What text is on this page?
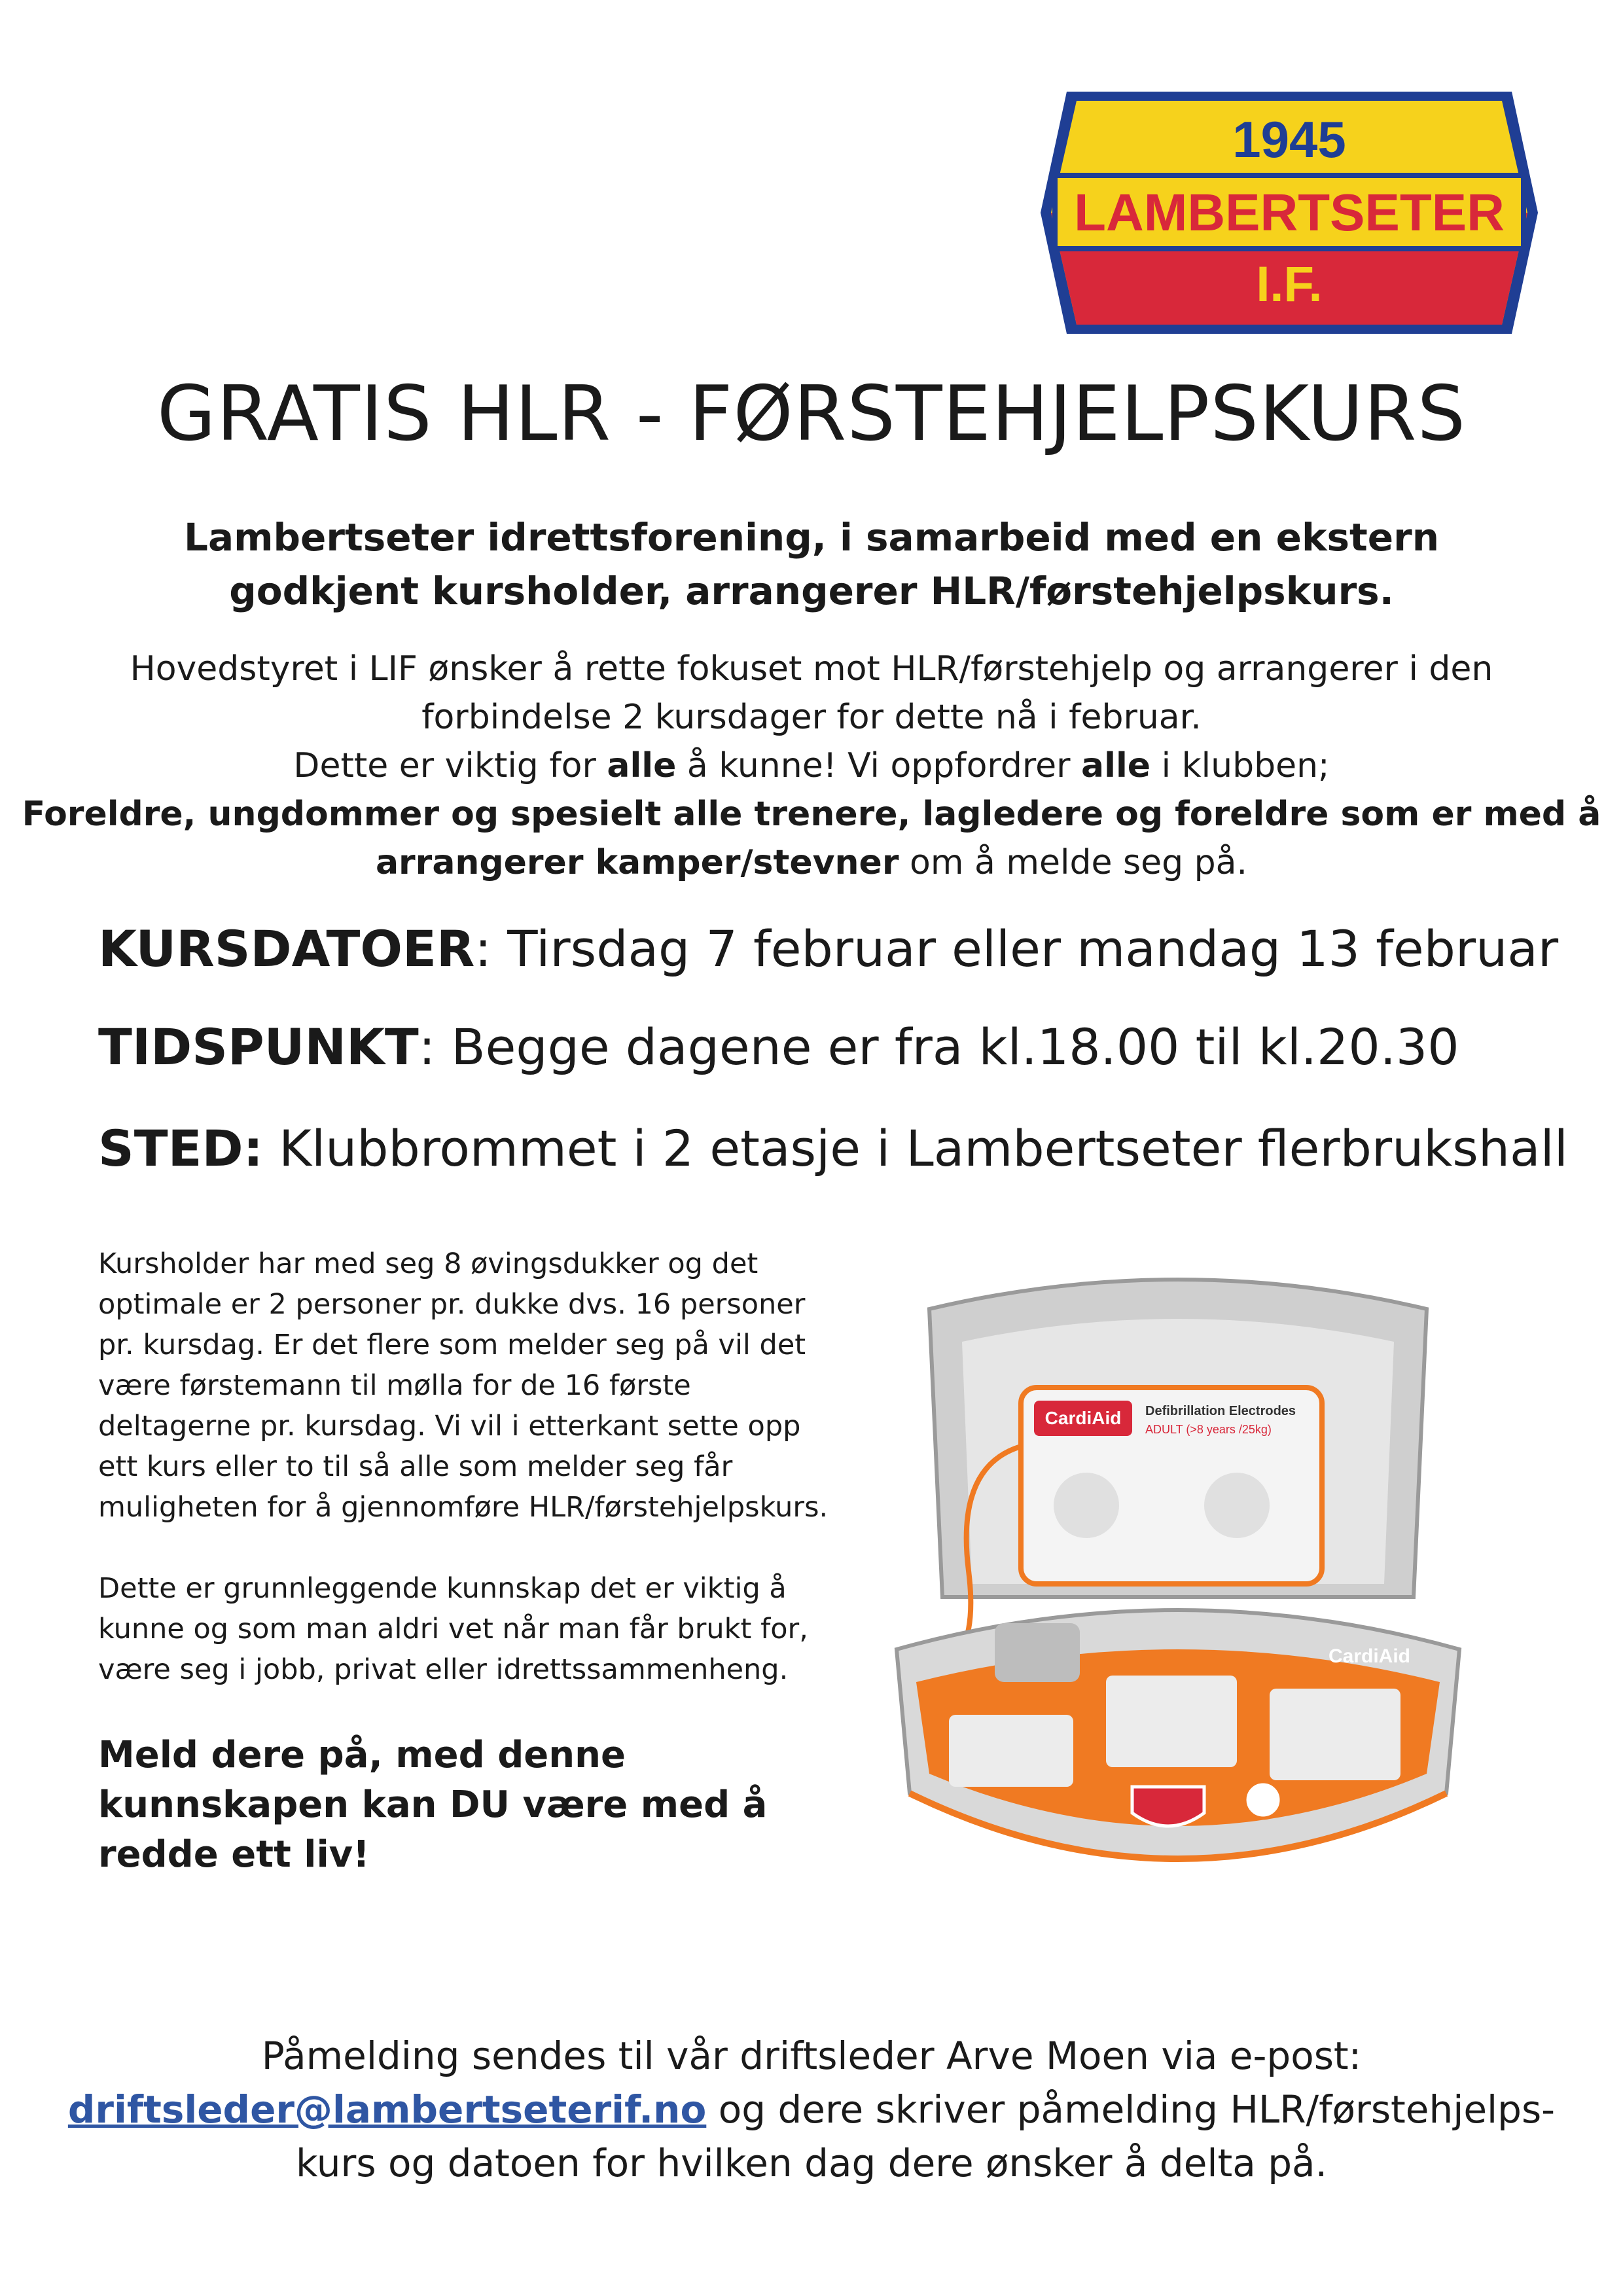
1945
LAMBERTSETER
I.F.
GRATIS HLR - FØRSTEHJELPSKURS
Lambertseter idrettsforening, i samarbeid med en ekstern
godkjent kursholder, arrangerer HLR/førstehjelpskurs.
Hovedstyret i LIF ønsker å rette fokuset mot HLR/førstehjelp og arrangerer i den
forbindelse 2 kursdager for dette nå i februar.
Dette er viktig for alle å kunne! Vi oppfordrer alle i klubben;
Foreldre, ungdommer og spesielt alle trenere, lagledere og foreldre som er med å
arrangerer kamper/stevner om å melde seg på.
KURSDATOER: Tirsdag 7 februar eller mandag 13 februar
TIDSPUNKT: Begge dagene er fra kl.18.00 til kl.20.30
STED: Klubbrommet i 2 etasje i Lambertseter flerbrukshall

Kursholder har med seg 8 øvingsdukker og det optimale er 2 personer pr. dukke dvs. 16 personer pr. kursdag. Er det flere som melder seg på vil det være førstemann til mølla for de 16 første deltagerne pr. kursdag. Vi vil i etterkant sette opp ett kurs eller to til så alle som melder seg får muligheten for å gjennomføre HLR/førstehjelpskurs.

Dette er grunnleggende kunnskap det er viktig å kunne og som man aldri vet når man får brukt for, være seg i jobb, privat eller idrettssammenheng.

Meld dere på, med denne kunnskapen kan DU være med å redde ett liv!

CardiAid Defibrillation Electrodes
ADULT (>8 years /25kg)
CardiAid
Påmelding sendes til vår driftsleder Arve Moen via e-post:
driftsleder@lambertseterif.no og dere skriver påmelding HLR/førstehjelps-
kurs og datoen for hvilken dag dere ønsker å delta på.
